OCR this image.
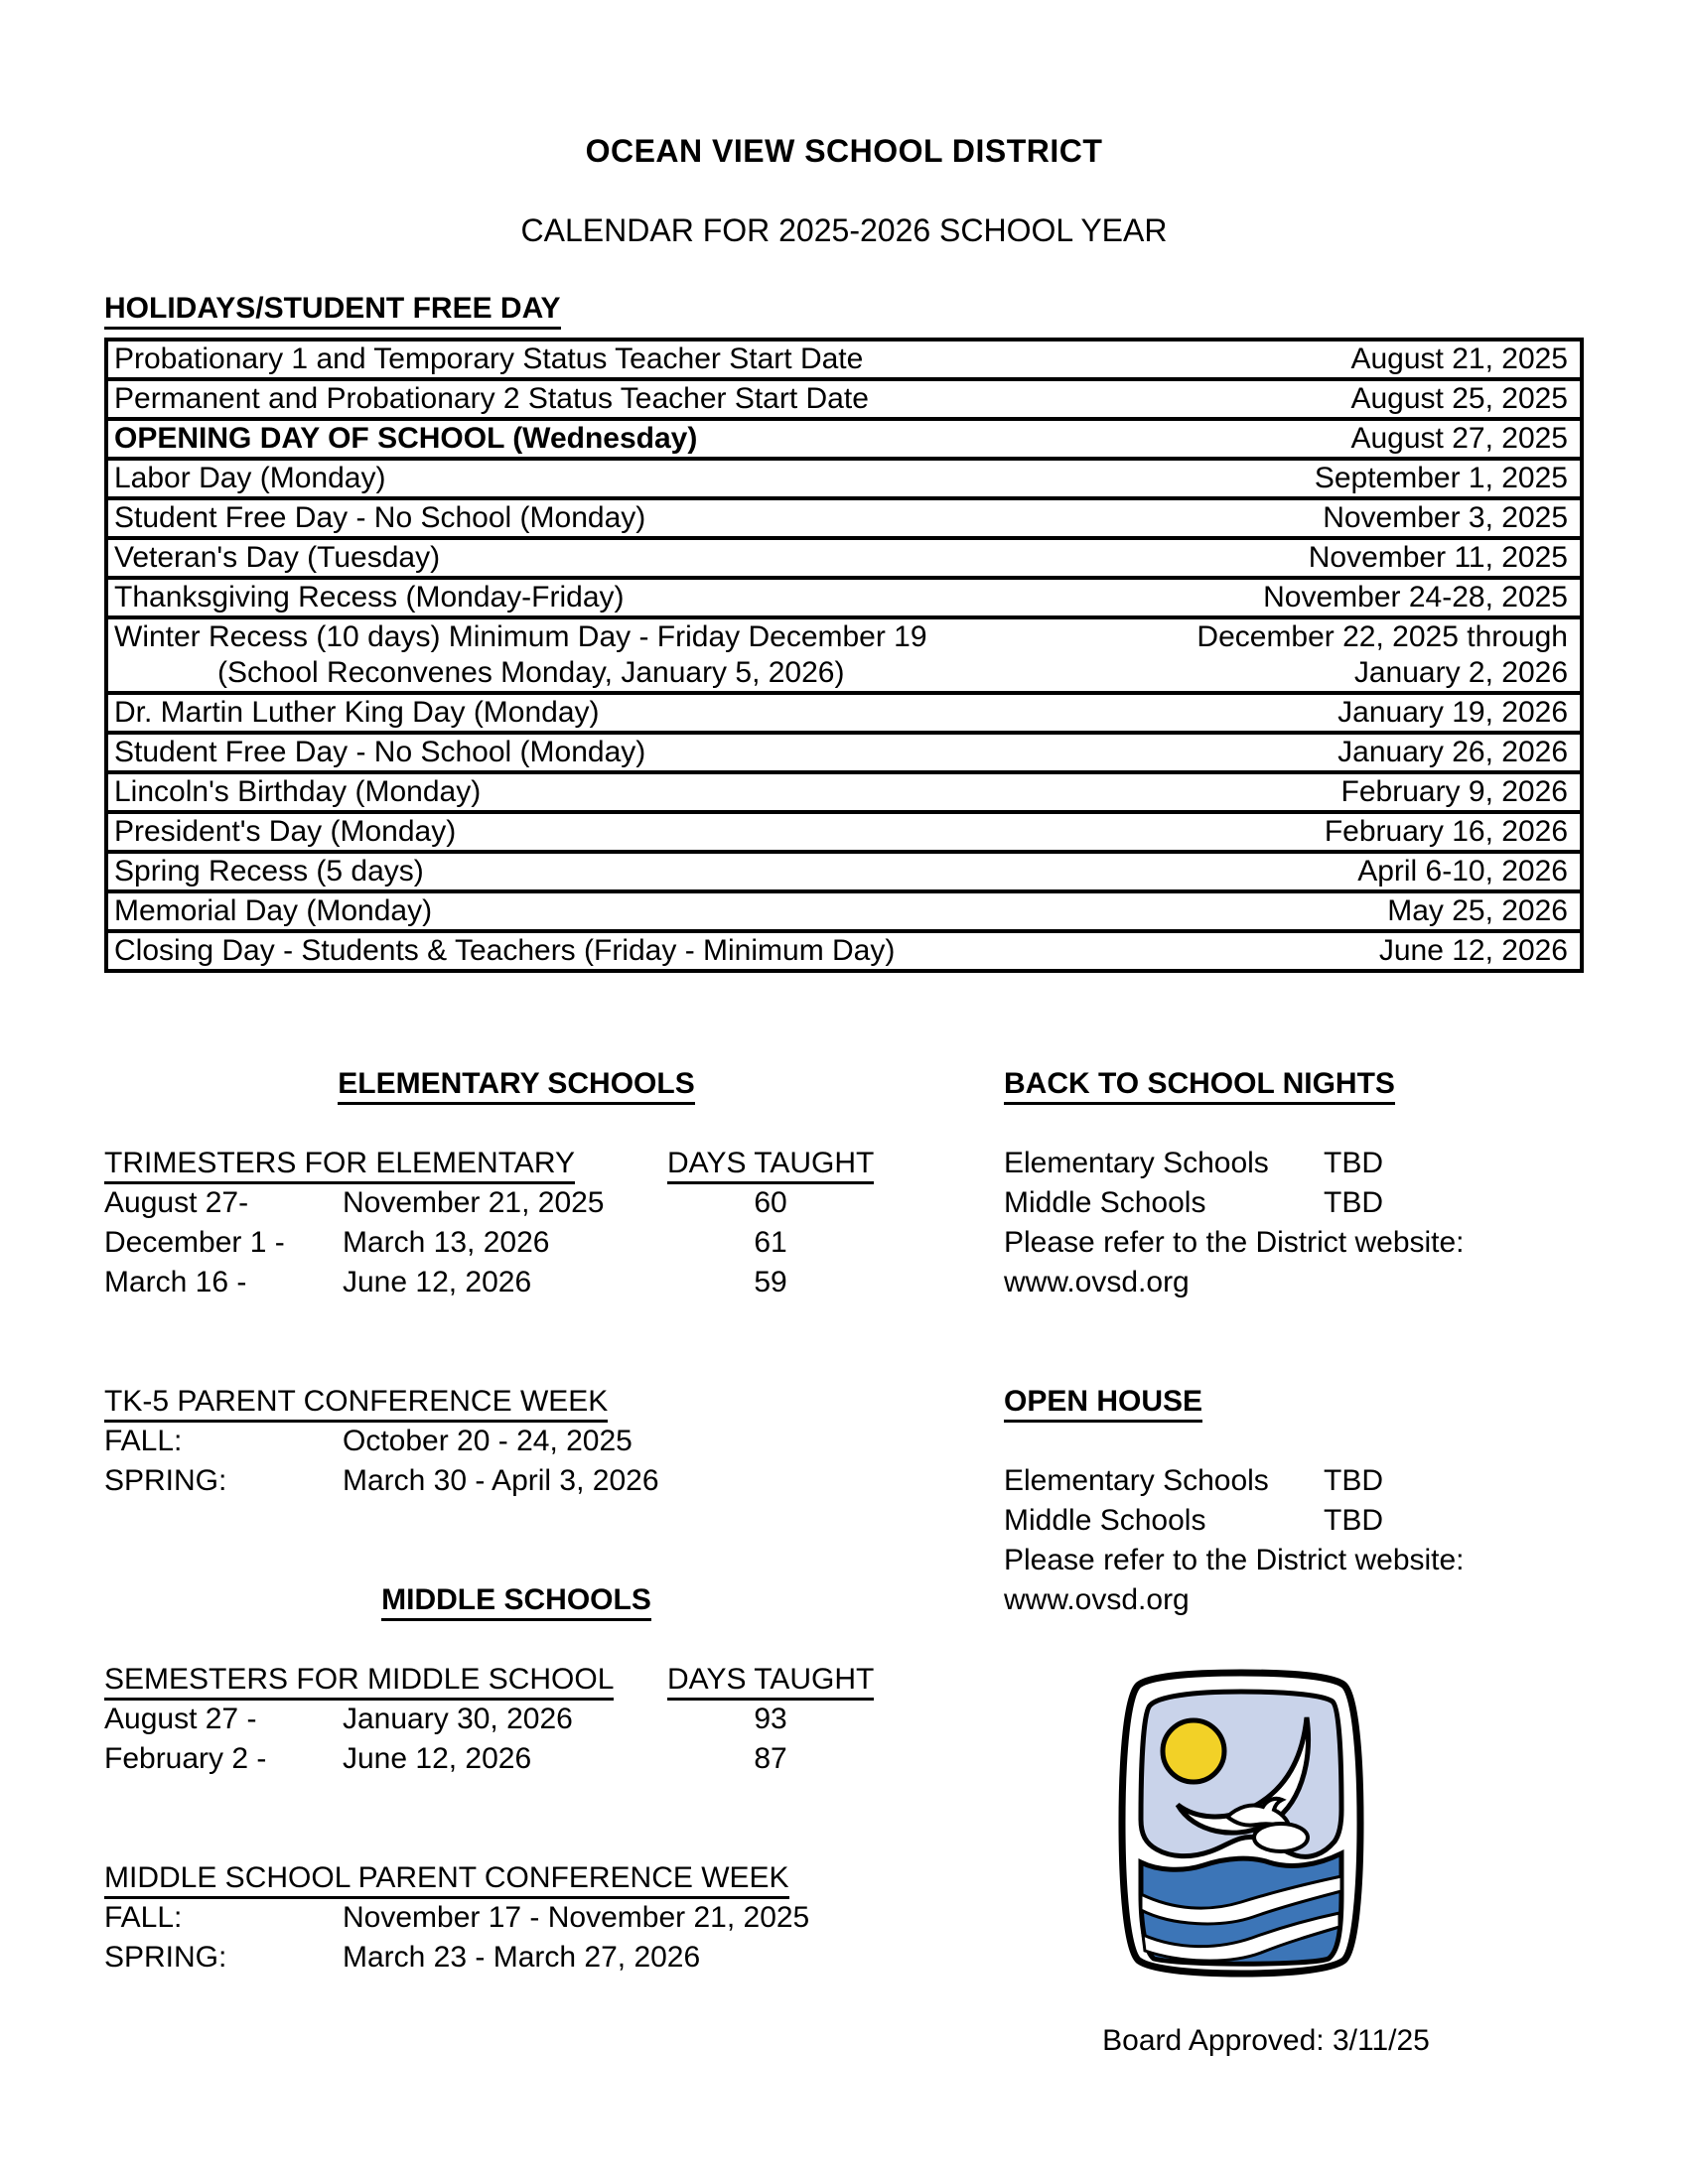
OCEAN VIEW SCHOOL DISTRICT
CALENDAR FOR 2025-2026 SCHOOL YEAR
HOLIDAYS/STUDENT FREE DAY
Probationary 1 and Temporary Status Teacher Start Date	August 21, 2025
Permanent and Probationary 2 Status Teacher Start Date	August 25, 2025
OPENING DAY OF SCHOOL (Wednesday)	August 27, 2025
Labor Day (Monday)	September 1, 2025
Student Free Day - No School (Monday)	November 3, 2025
Veteran's Day (Tuesday)	November 11, 2025
Thanksgiving Recess (Monday-Friday)	November 24-28, 2025
Winter Recess (10 days) Minimum Day - Friday December 19	December 22, 2025 through
(School Reconvenes Monday, January 5, 2026)	January 2, 2026
Dr. Martin Luther King Day (Monday)	January 19, 2026
Student Free Day - No School (Monday)	January 26, 2026
Lincoln's Birthday (Monday)	February 9, 2026
President's Day (Monday)	February 16, 2026
Spring Recess (5 days)	April 6-10, 2026
Memorial Day (Monday)	May 25, 2026
Closing Day - Students & Teachers (Friday - Minimum Day)	June 12, 2026
ELEMENTARY SCHOOLS
TRIMESTERS FOR ELEMENTARY	DAYS TAUGHT
August 27-	November 21, 2025	60
December 1 -	March 13, 2026	61
March 16 -	June 12, 2026	59
TK-5 PARENT CONFERENCE WEEK
FALL:	October 20 - 24, 2025
SPRING:	March 30 - April 3, 2026
MIDDLE SCHOOLS
SEMESTERS FOR MIDDLE SCHOOL	DAYS TAUGHT
August 27 -	January 30, 2026	93
February 2 -	June 12, 2026	87
MIDDLE SCHOOL PARENT CONFERENCE WEEK
FALL:	November 17 - November 21, 2025
SPRING:	March 23 - March 27, 2026
BACK TO SCHOOL NIGHTS
Elementary Schools	TBD
Middle Schools	TBD
Please refer to the District website:
www.ovsd.org
OPEN HOUSE
Elementary Schools	TBD
Middle Schools	TBD
Please refer to the District website:
www.ovsd.org
Board Approved: 3/11/25
